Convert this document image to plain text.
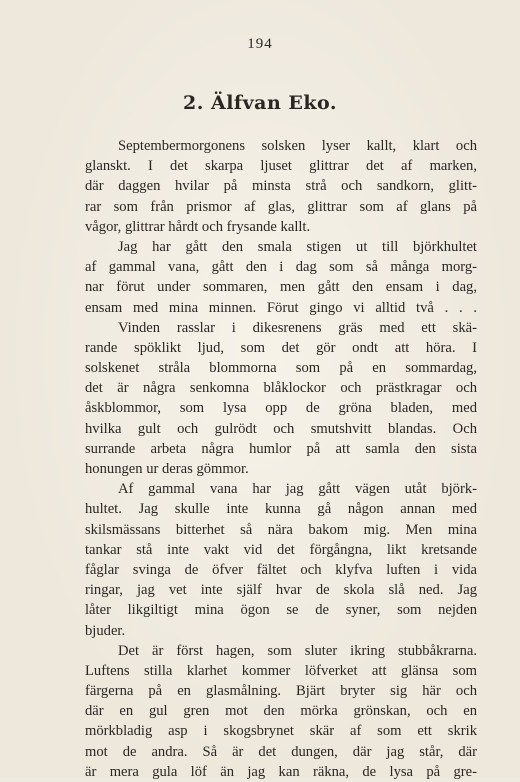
194
2. Älfvan Eko.
Septembermorgonens solsken lyser kallt, klart och
glanskt. I det skarpa ljuset glittrar det af marken,
där daggen hvilar på minsta strå och sandkorn, glitt-
rar som från prismor af glas, glittrar som af glans på
vågor, glittrar hårdt och frysande kallt.
Jag har gått den smala stigen ut till björkhultet
af gammal vana, gått den i dag som så många morg-
nar förut under sommaren, men gått den ensam i dag,
ensam med mina minnen. Förut gingo vi alltid två . . .
Vinden rasslar i dikesrenens gräs med ett skä-
rande spöklikt ljud, som det gör ondt att höra. I
solskenet stråla blommorna som på en sommardag,
det är några senkomna blåklockor och prästkragar och
åskblommor, som lysa opp de gröna bladen, med
hvilka gult och gulrödt och smutshvitt blandas. Och
surrande arbeta några humlor på att samla den sista
honungen ur deras gömmor.
Af gammal vana har jag gått vägen utåt björk-
hultet. Jag skulle inte kunna gå någon annan med
skilsmässans bitterhet så nära bakom mig. Men mina
tankar stå inte vakt vid det förgångna, likt kretsande
fåglar svinga de öfver fältet och klyfva luften i vida
ringar, jag vet inte själf hvar de skola slå ned. Jag
låter likgiltigt mina ögon se de syner, som nejden
bjuder.
Det är först hagen, som sluter ikring stubbåkrarna.
Luftens stilla klarhet kommer löfverket att glänsa som
färgerna på en glasmålning. Bjärt bryter sig här och
där en gul gren mot den mörka grönskan, och en
mörkbladig asp i skogsbrynet skär af som ett skrik
mot de andra. Så är det dungen, där jag står, där
är mera gula löf än jag kan räkna, de lysa på gre-
